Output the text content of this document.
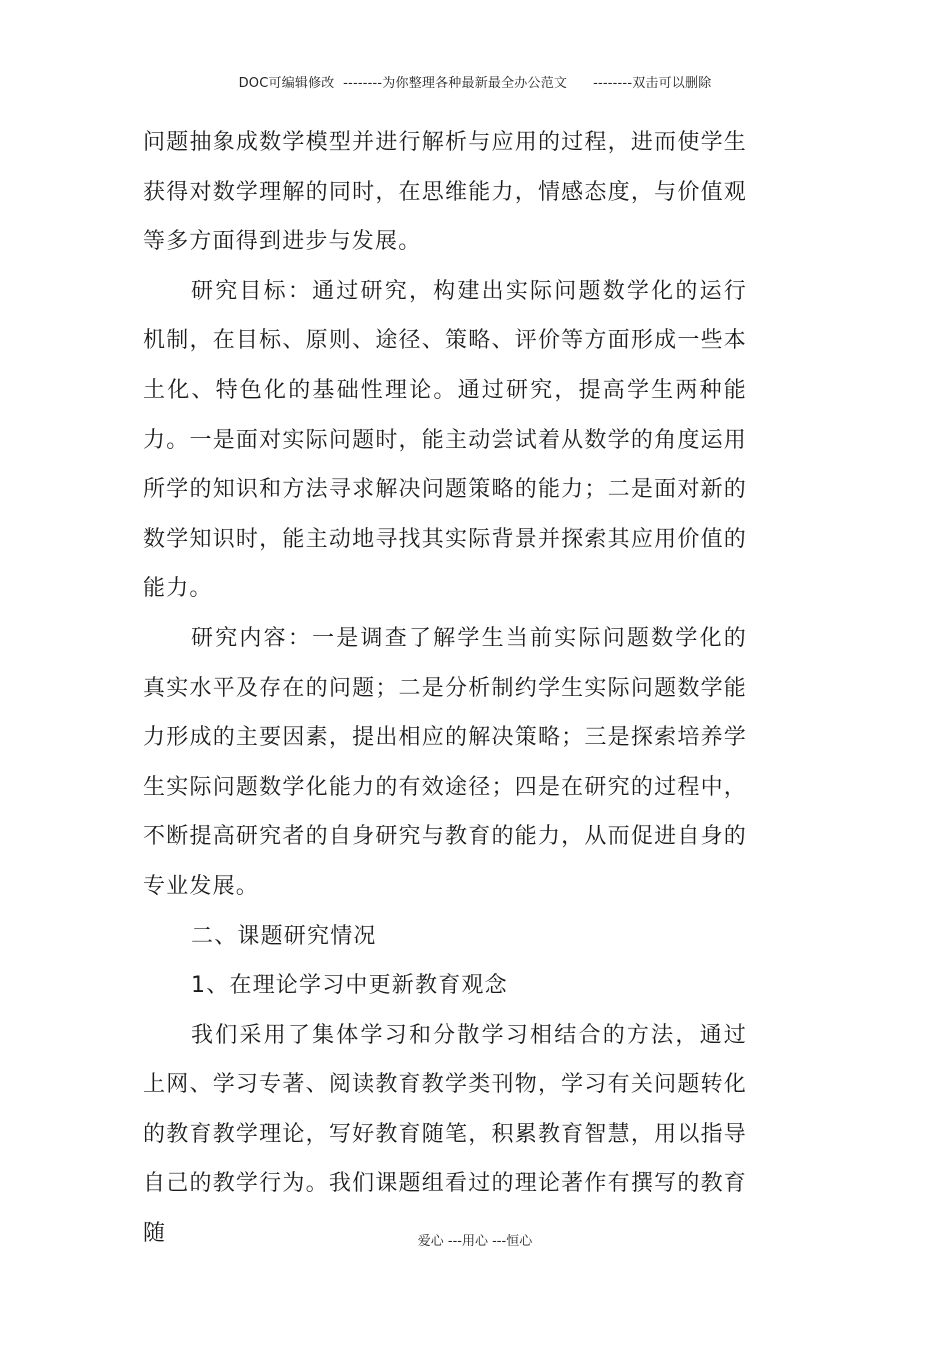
DOC可编辑修改  --------为你整理各种最新最全办公范文      --------双击可以删除

问题抽象成数学模型并进行解析与应用的过程，进而使学生获得对数学理解的同时，在思维能力，情感态度，与价值观等多方面得到进步与发展。

研究目标：通过研究，构建出实际问题数学化的运行机制，在目标、原则、途径、策略、评价等方面形成一些本土化、特色化的基础性理论。通过研究，提高学生两种能力。一是面对实际问题时，能主动尝试着从数学的角度运用所学的知识和方法寻求解决问题策略的能力；二是面对新的数学知识时，能主动地寻找其实际背景并探索其应用价值的能力。

研究内容：一是调查了解学生当前实际问题数学化的真实水平及存在的问题；二是分析制约学生实际问题数学能力形成的主要因素，提出相应的解决策略；三是探索培养学生实际问题数学化能力的有效途径；四是在研究的过程中，不断提高研究者的自身研究与教育的能力，从而促进自身的专业发展。

二、课题研究情况

1、在理论学习中更新教育观念

我们采用了集体学习和分散学习相结合的方法，通过上网、学习专著、阅读教育教学类刊物，学习有关问题转化的教育教学理论，写好教育随笔，积累教育智慧，用以指导自己的教学行为。我们课题组看过的理论著作有撰写的教育随	爱心 ---用心 ---恒心
